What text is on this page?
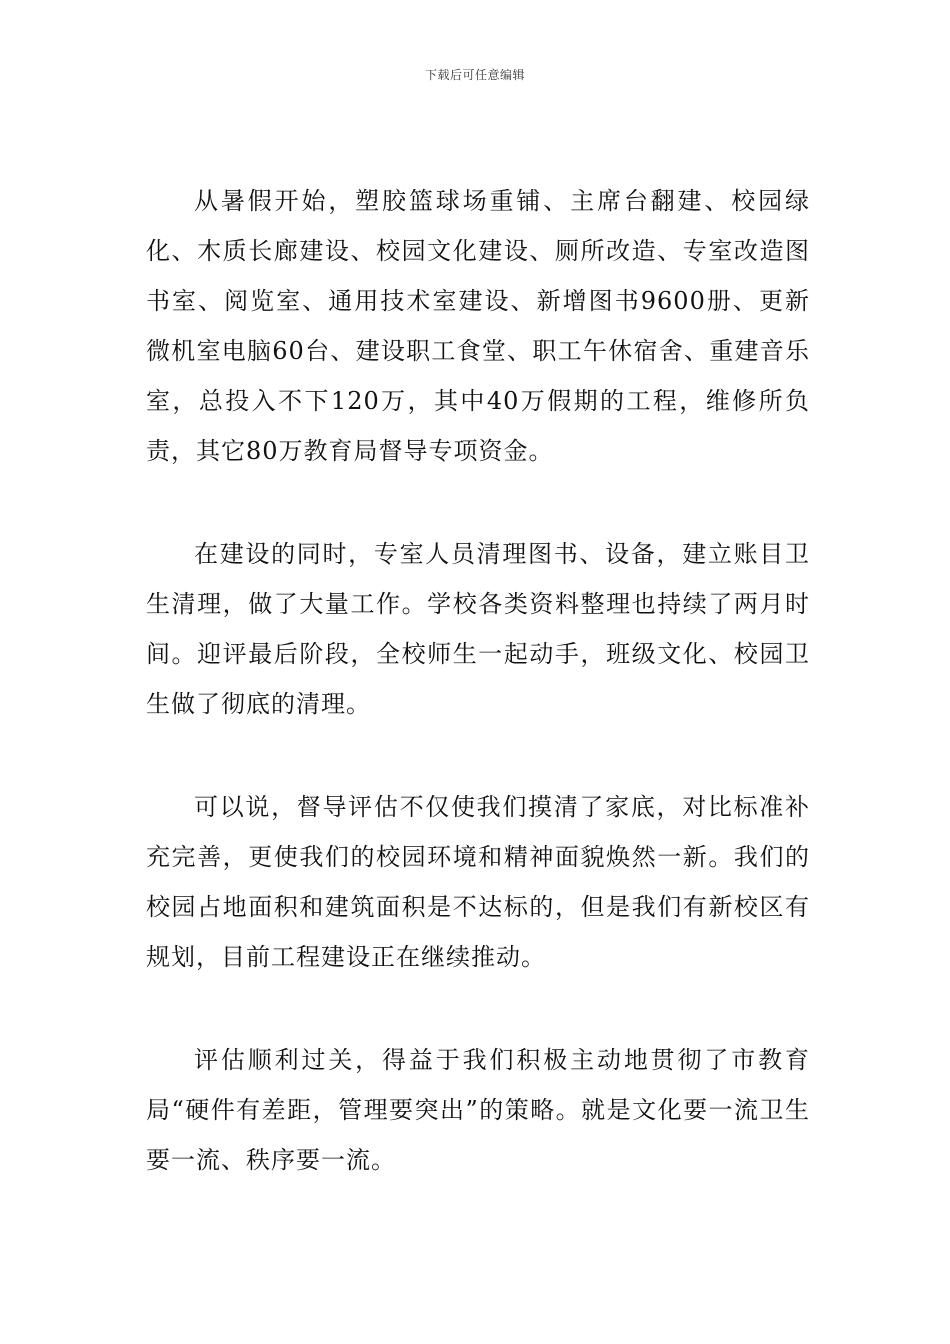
下载后可任意编辑

从暑假开始，塑胶篮球场重铺、主席台翻建、校园绿化、木质长廊建设、校园文化建设、厕所改造、专室改造图书室、阅览室、通用技术室建设、新增图书9600册、更新微机室电脑60台、建设职工食堂、职工午休宿舍、重建音乐室，总投入不下120万，其中40万假期的工程，维修所负责，其它80万教育局督导专项资金。

在建设的同时，专室人员清理图书、设备，建立账目卫生清理，做了大量工作。学校各类资料整理也持续了两月时间。迎评最后阶段，全校师生一起动手，班级文化、校园卫生做了彻底的清理。

可以说，督导评估不仅使我们摸清了家底，对比标准补充完善，更使我们的校园环境和精神面貌焕然一新。我们的校园占地面积和建筑面积是不达标的，但是我们有新校区有规划，目前工程建设正在继续推动。

评估顺利过关，得益于我们积极主动地贯彻了市教育局“硬件有差距，管理要突出”的策略。就是文化要一流卫生要一流、秩序要一流。
